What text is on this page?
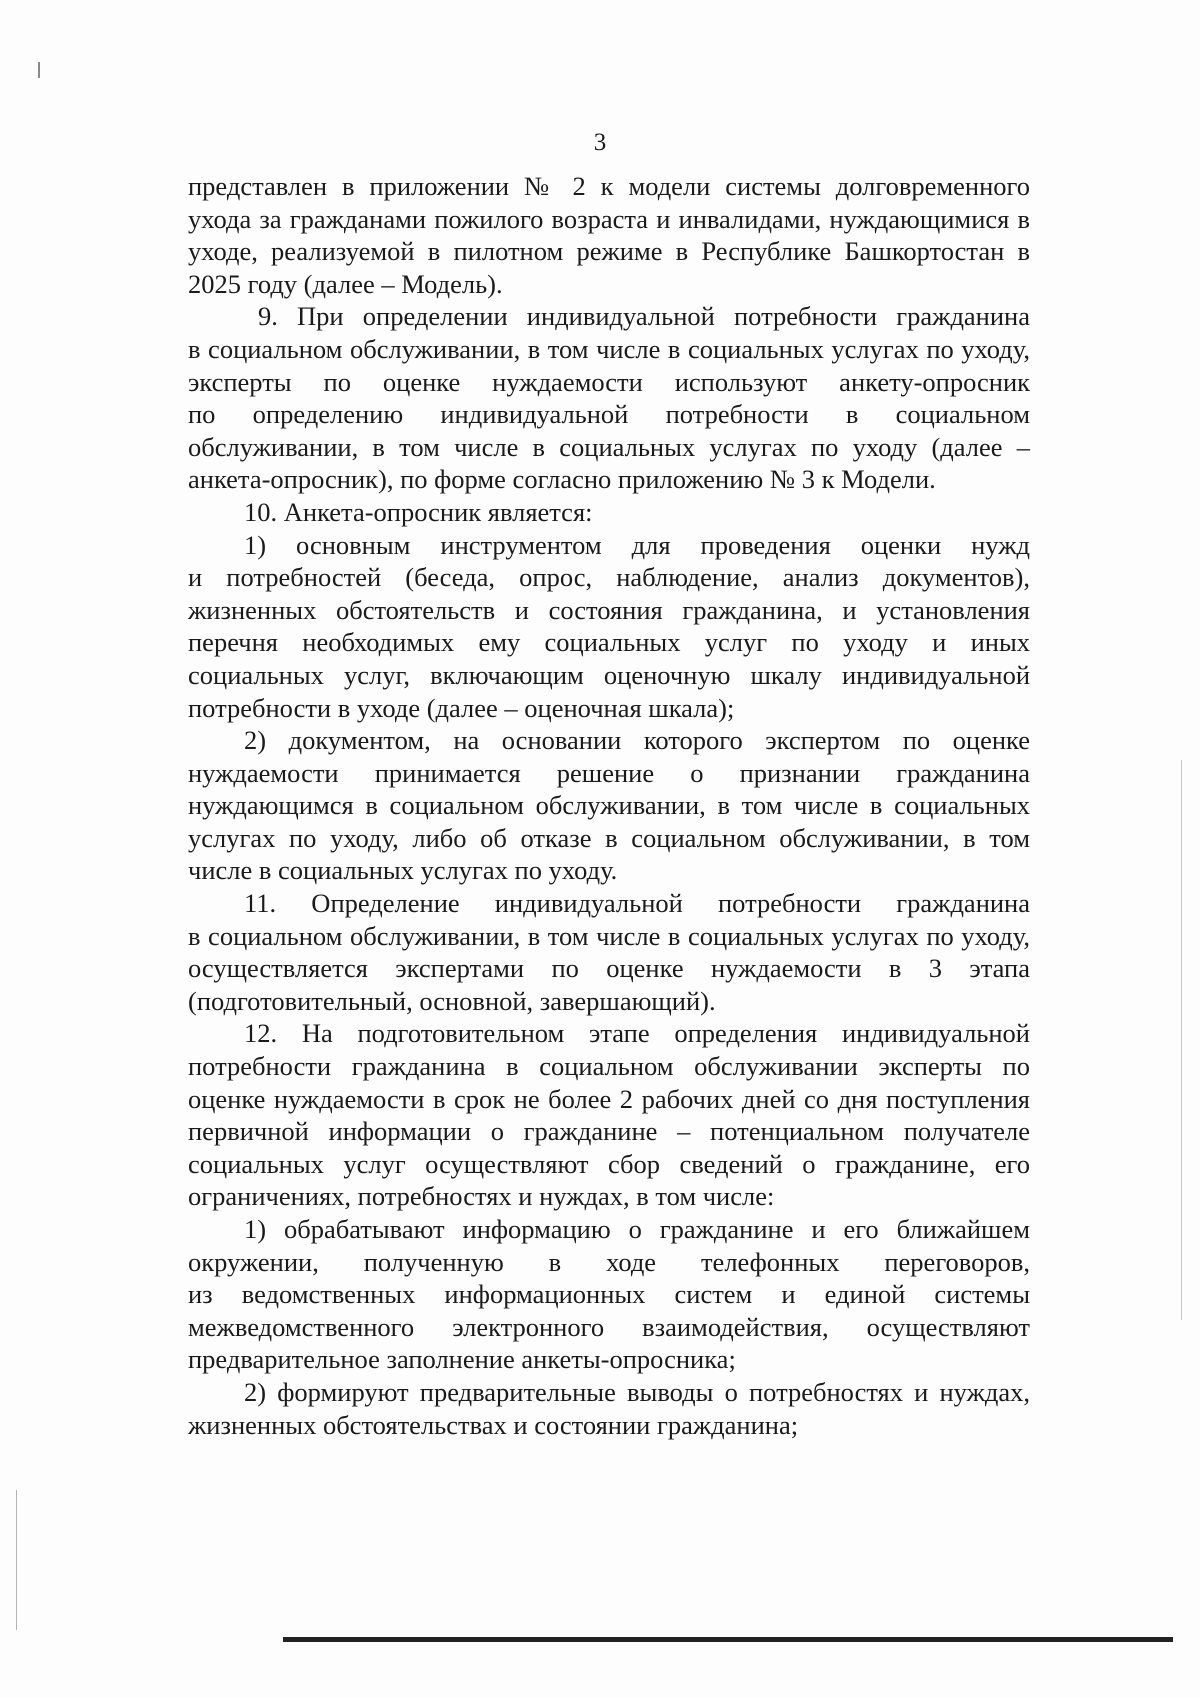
3
представлен в приложении № 2 к модели системы долговременного
ухода за гражданами пожилого возраста и инвалидами, нуждающимися в
уходе, реализуемой в пилотном режиме в Республике Башкортостан в
2025 году (далее – Модель).
9. При определении индивидуальной потребности гражданина
в социальном обслуживании, в том числе в социальных услугах по уходу,
эксперты по оценке нуждаемости используют анкету-опросник
по определению индивидуальной потребности в социальном
обслуживании, в том числе в социальных услугах по уходу (далее –
анкета-опросник), по форме согласно приложению № 3 к Модели.
10. Анкета-опросник является:
1) основным инструментом для проведения оценки нужд
и потребностей (беседа, опрос, наблюдение, анализ документов),
жизненных обстоятельств и состояния гражданина, и установления
перечня необходимых ему социальных услуг по уходу и иных
социальных услуг, включающим оценочную шкалу индивидуальной
потребности в уходе (далее – оценочная шкала);
2) документом, на основании которого экспертом по оценке
нуждаемости принимается решение о признании гражданина
нуждающимся в социальном обслуживании, в том числе в социальных
услугах по уходу, либо об отказе в социальном обслуживании, в том
числе в социальных услугах по уходу.
11. Определение индивидуальной потребности гражданина
в социальном обслуживании, в том числе в социальных услугах по уходу,
осуществляется экспертами по оценке нуждаемости в 3 этапа
(подготовительный, основной, завершающий).
12. На подготовительном этапе определения индивидуальной
потребности гражданина в социальном обслуживании эксперты по
оценке нуждаемости в срок не более 2 рабочих дней со дня поступления
первичной информации о гражданине – потенциальном получателе
социальных услуг осуществляют сбор сведений о гражданине, его
ограничениях, потребностях и нуждах, в том числе:
1) обрабатывают информацию о гражданине и его ближайшем
окружении, полученную в ходе телефонных переговоров,
из ведомственных информационных систем и единой системы
межведомственного электронного взаимодействия, осуществляют
предварительное заполнение анкеты-опросника;
2) формируют предварительные выводы о потребностях и нуждах,
жизненных обстоятельствах и состоянии гражданина;
